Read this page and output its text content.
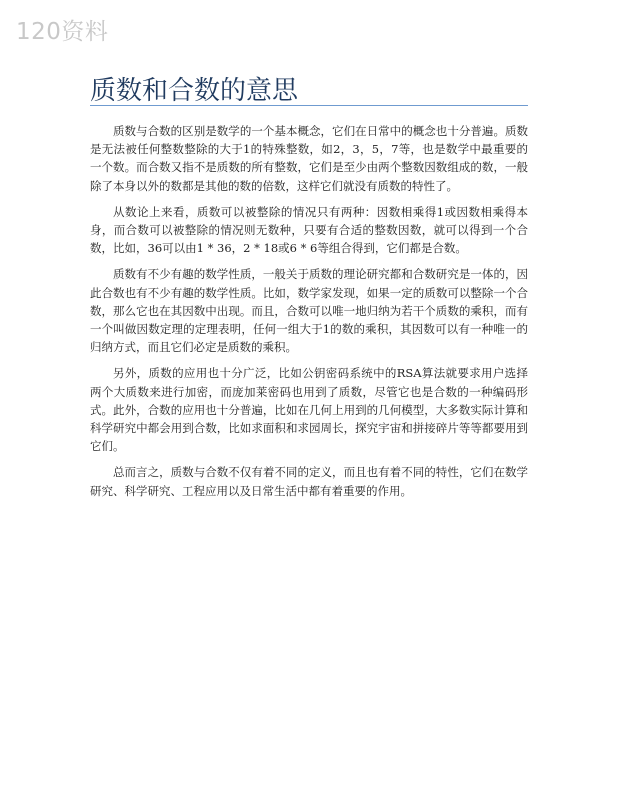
120资料
质数和合数的意思

质数与合数的区别是数学的一个基本概念，它们在日常中的概念也十分普遍。质数是无法被任何整数整除的大于1的特殊整数，如2，3，5，7等，也是数学中最重要的一个数。而合数又指不是质数的所有整数，它们是至少由两个整数因数组成的数，一般除了本身以外的数都是其他的数的倍数，这样它们就没有质数的特性了。

从数论上来看，质数可以被整除的情况只有两种：因数相乘得1或因数相乘得本身，而合数可以被整除的情况则无数种，只要有合适的整数因数，就可以得到一个合数，比如，36可以由1 * 36，2 * 18或6 * 6等组合得到，它们都是合数。

质数有不少有趣的数学性质，一般关于质数的理论研究都和合数研究是一体的，因此合数也有不少有趣的数学性质。比如，数学家发现，如果一定的质数可以整除一个合数，那么它也在其因数中出现。而且，合数可以唯一地归纳为若干个质数的乘积，而有一个叫做因数定理的定理表明，任何一组大于1的数的乘积，其因数可以有一种唯一的归纳方式，而且它们必定是质数的乘积。

另外，质数的应用也十分广泛，比如公钥密码系统中的RSA算法就要求用户选择两个大质数来进行加密，而庞加莱密码也用到了质数，尽管它也是合数的一种编码形式。此外，合数的应用也十分普遍，比如在几何上用到的几何模型，大多数实际计算和科学研究中都会用到合数，比如求面积和求园周长，探究宇宙和拼接碎片等等都要用到它们。

总而言之，质数与合数不仅有着不同的定义，而且也有着不同的特性，它们在数学研究、科学研究、工程应用以及日常生活中都有着重要的作用。
